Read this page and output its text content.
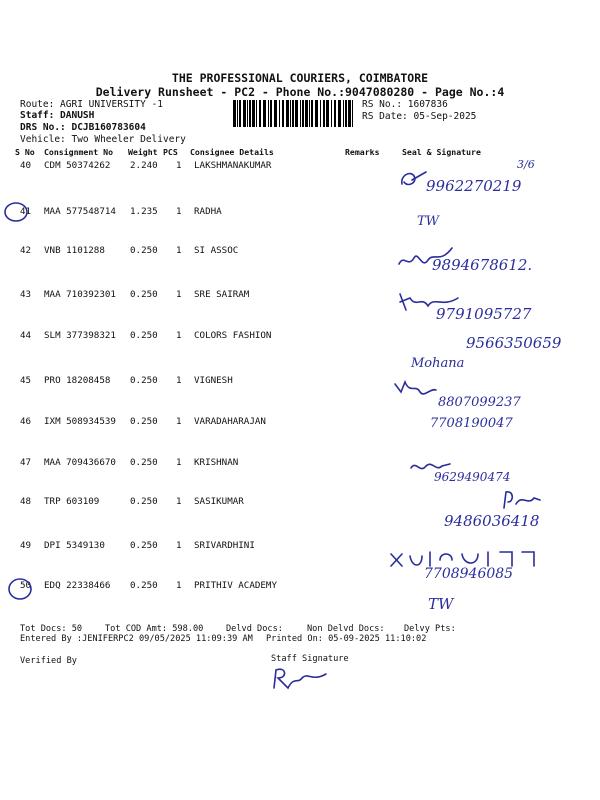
THE PROFESSIONAL COURIERS, COIMBATORE
Delivery Runsheet - PC2 - Phone No.:9047080280 - Page No.:4
Route: AGRI UNIVERSITY -1
Staff: DANUSH
DRS No.: DCJB160783604
Vehicle: Two Wheeler Delivery
RS No.: 1607836
RS Date: 05-Sep-2025
S No Consignment No Weight PCS Consignee Details	Remarks	Seal & Signature
40 CDM 50374262 2.240 1 LAKSHMANAKUMAR
41 MAA 577548714 1.235 1 RADHA
42 VNB 1101288	0.250 1 SI ASSOC
43 MAA 710392301 0.250 1 SRE SAIRAM
44 SLM 377398321 0.250 1 COLORS FASHION
45 PRO 18208458 0.250 1 VIGNESH
46 IXM 508934539 0.250 1 VARADAHARAJAN
47 MAA 709436670 0.250 1 KRISHNAN
48 TRP 603109	0.250 1 SASIKUMAR
49 DPI 5349130	0.250 1 SRIVARDHINI
50 EDQ 22338466 0.250 1 PRITHIV ACADEMY
3/6
9962270219
TW
9894678612.
9791095727
9566350659
Mohana
8807099237
7708190047
9629490474
9486036418
7708946085
TW
Tot Docs: 50	Tot COD Amt: 598.00	Delvd Docs:	Non Delvd Docs: Delvy Pts:
Entered By :JENIFERPC2 09/05/2025 11:09:39 AM Printed On: 05-09-2025 11:10:02
Verified By	Staff Signature
